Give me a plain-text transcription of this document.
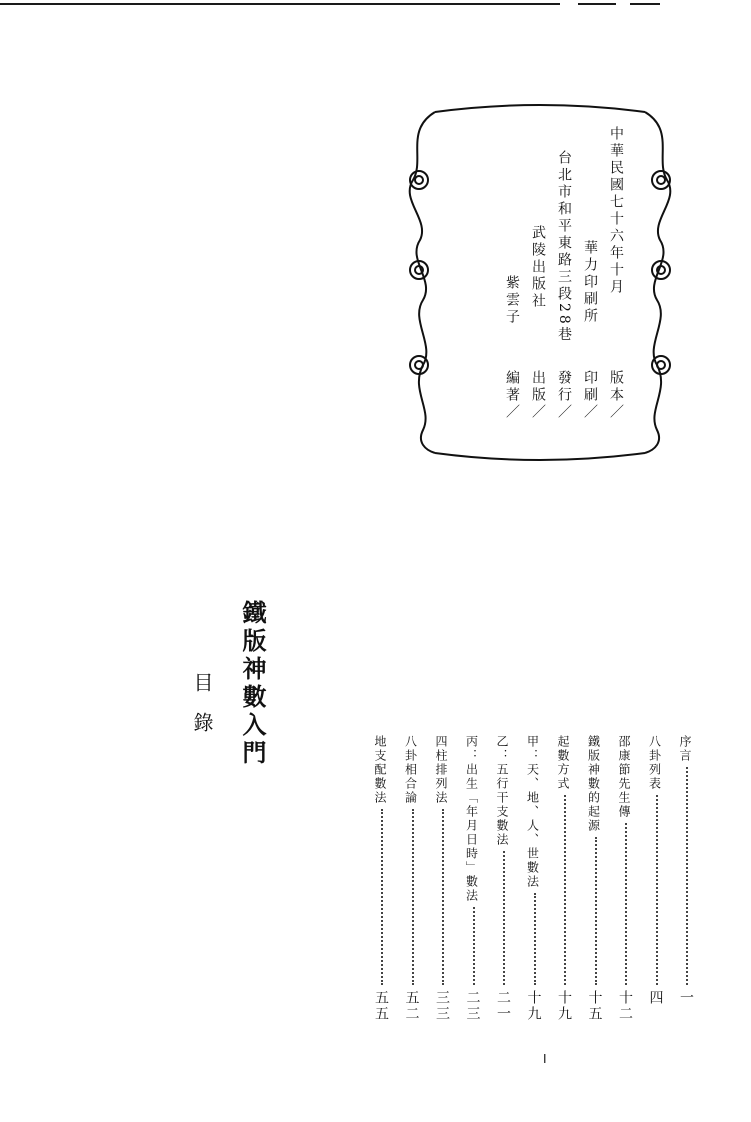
中華民國七十六年十月
華力印刷所
台北市和平東路三段28巷
武陵出版社
紫雲子
版本／
印刷／
發行／
出版／
編著／
鐵版神數入門
目錄	序言
一
八卦列表
四
邵康節先生傳
十二
鐵版神數的起源
十五
起數方式
十九
甲：天、地、人、世數法
十九
乙：五行干支數法
二一
丙：出生「年月日時」數法
二三
四柱排列法
三三
八卦相合論
五二
地支配數法
五五
I
